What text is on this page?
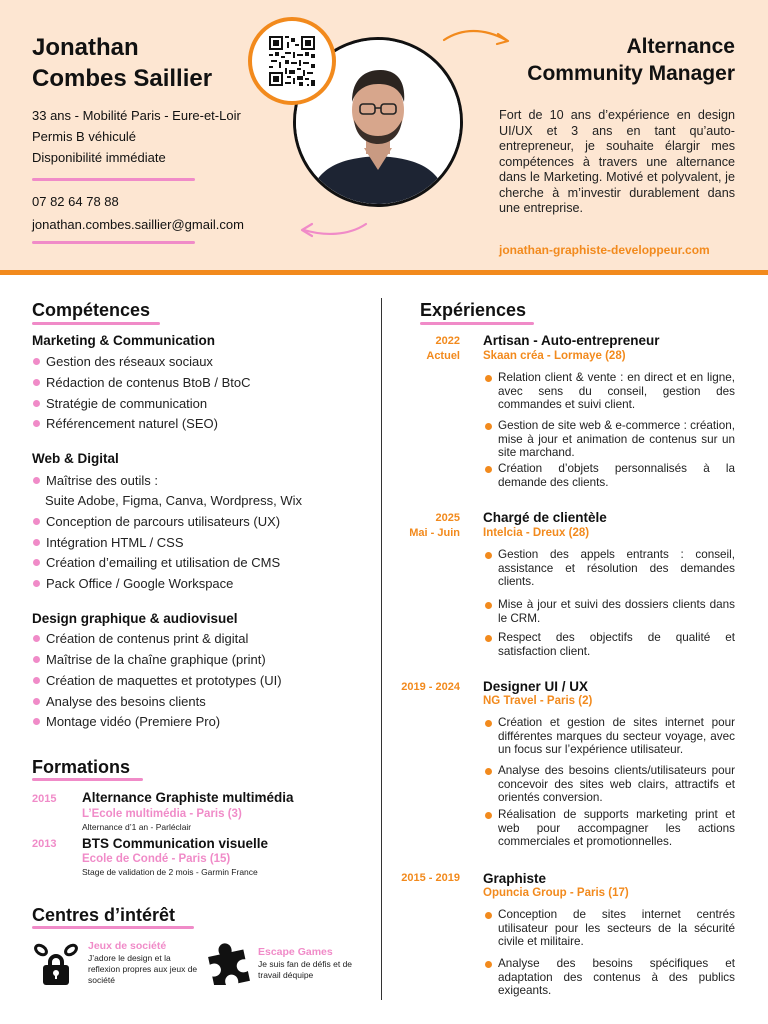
Jonathan
Combes Saillier
33 ans - Mobilité Paris - Eure-et-Loir
Permis B véhiculé
Disponibilité immédiate
07 82 64 78 88
jonathan.combes.saillier@gmail.com
Alternance
Community Manager
Fort de 10 ans d’expérience en design UI/UX et 3 ans en tant qu’auto-entrepreneur, je souhaite élargir mes compétences à travers une alternance dans le Marketing. Motivé et polyvalent, je cherche à m’investir durablement dans une entreprise.
jonathan-graphiste-developpeur.com
Compétences
Marketing & Communication
Gestion des réseaux sociaux
Rédaction de contenus BtoB / BtoC
Stratégie de communication
Référencement naturel (SEO)
Web & Digital
Maîtrise des outils :
Suite Adobe, Figma, Canva, Wordpress, Wix
Conception de parcours utilisateurs (UX)
Intégration HTML / CSS
Création d’emailing et utilisation de CMS
Pack Office / Google Workspace
Design graphique & audiovisuel
Création de contenus print & digital
Maîtrise de la chaîne graphique (print)
Création de maquettes et prototypes (UI)
Analyse des besoins clients
Montage vidéo (Premiere Pro)
Formations
2015 Alternance Graphiste multimédia
L’Ecole multimédia - Paris (3)
Alternance d’1 an - Parléclair
2013 BTS Communication visuelle
Ecole de Condé - Paris (15)
Stage de validation de 2 mois - Garmin France
Centres d’intérêt
Jeux de société
J’adore le design et la reflexion propres aux jeux de société
Escape Games
Je suis fan de défis et de travail déquipe
Expériences
2022
Actuel
Artisan - Auto-entrepreneur
Skaan créa - Lormaye (28)
Relation client & vente : en direct et en ligne, avec sens du conseil, gestion des commandes et suivi client.
Gestion de site web & e-commerce : création, mise à jour et animation de contenus sur un site marchand.
Création d’objets personnalisés à la demande des clients.
2025
Mai - Juin
Chargé de clientèle
Intelcia - Dreux (28)
Gestion des appels entrants : conseil, assistance et résolution des demandes clients.
Mise à jour et suivi des dossiers clients dans le CRM.
Respect des objectifs de qualité et satisfaction client.
2019 - 2024 Designer UI / UX
NG Travel - Paris (2)
Création et gestion de sites internet pour différentes marques du secteur voyage, avec un focus sur l’expérience utilisateur.
Analyse des besoins clients/utilisateurs pour concevoir des sites web clairs, attractifs et orientés conversion.
Réalisation de supports marketing print et web pour accompagner les actions commerciales et promotionnelles.
2015 - 2019 Graphiste
Opuncia Group - Paris (17)
Conception de sites internet centrés utilisateur pour les secteurs de la sécurité civile et militaire.
Analyse des besoins spécifiques et adaptation des contenus à des publics exigeants.
